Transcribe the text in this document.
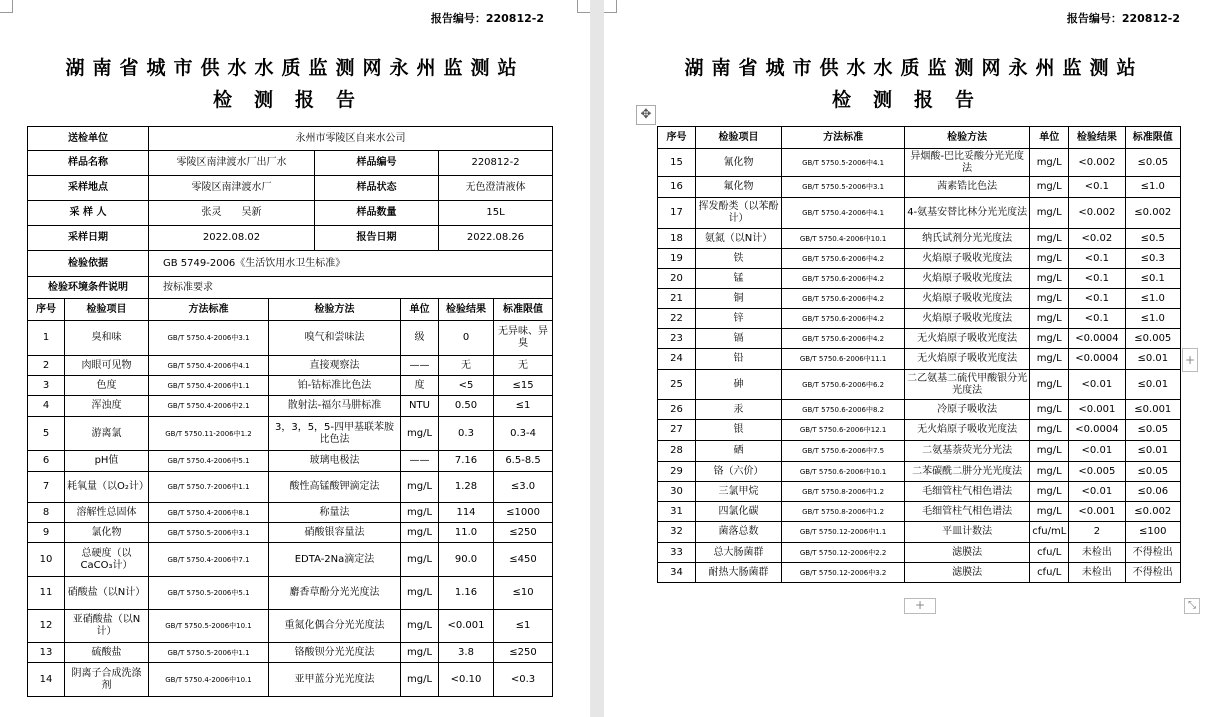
报告编号：220812-2
湖南省城市供水水质监测网永州监测站
检测报告
送检单位		永州市零陵区自来水公司					
样品名称		零陵区南津渡水厂出厂水		样品编号		220812-2	
采样地点		零陵区南津渡水厂		样品状态		无色澄清液体	
采 样 人		张灵　　吴新		样品数量		15L	
采样日期		2022.08.02		报告日期		2022.08.26	
检验依据		GB 5749-2006《生活饮用水卫生标准》					
检验环境条件说明		按标准要求					
序号	检验项目	方法标准	检验方法		单位	检验结果	标准限值
1	臭和味	GB/T 5750.4-2006中3.1	嗅气和尝味法		级	0	无异味、异臭
2	肉眼可见物	GB/T 5750.4-2006中4.1	直接观察法		——	无	无
3	色度	GB/T 5750.4-2006中1.1	铂-钴标准比色法		度	<5	≤15
4	浑浊度	GB/T 5750.4-2006中2.1	散射法-福尔马肼标准		NTU	0.50	≤1
5	游离氯	GB/T 5750.11-2006中1.2	3，3，5，5-四甲基联苯胺比色法		mg/L	0.3	0.3-4
6	pH值	GB/T 5750.4-2006中5.1	玻璃电极法		——	7.16	6.5-8.5
7	耗氧量（以O₂计）	GB/T 5750.7-2006中1.1	酸性高锰酸钾滴定法		mg/L	1.28	≤3.0
8	溶解性总固体	GB/T 5750.4-2006中8.1	称量法		mg/L	114	≤1000
9	氯化物	GB/T 5750.5-2006中3.1	硝酸银容量法		mg/L	11.0	≤250
10	总硬度（以CaCO₃计）	GB/T 5750.4-2006中7.1	EDTA-2Na滴定法		mg/L	90.0	≤450
11	硝酸盐（以N计）	GB/T 5750.5-2006中5.1	麝香草酚分光光度法		mg/L	1.16	≤10
12	亚硝酸盐（以N计）	GB/T 5750.5-2006中10.1	重氮化偶合分光光度法		mg/L	<0.001	≤1
13	硫酸盐	GB/T 5750.5-2006中1.1	铬酸钡分光光度法		mg/L	3.8	≤250
14	阴离子合成洗涤剂	GB/T 5750.4-2006中10.1	亚甲蓝分光光度法		mg/L	<0.10	<0.3
报告编号：220812-2
湖南省城市供水水质监测网永州监测站
检测报告
✥
序号	检验项目	方法标准	检验方法	单位	检验结果	标准限值
15	氰化物	GB/T 5750.5-2006中4.1	异烟酸-巴比妥酸分光光度法	mg/L	<0.002	≤0.05
16	氟化物	GB/T 5750.5-2006中3.1	茜素锆比色法	mg/L	<0.1	≤1.0
17	挥发酚类（以苯酚计）	GB/T 5750.4-2006中4.1	4-氨基安替比林分光光度法	mg/L	<0.002	≤0.002
18	氨氮（以N计）	GB/T 5750.4-2006中10.1	纳氏试剂分光光度法	mg/L	<0.02	≤0.5
19	铁	GB/T 5750.6-2006中4.2	火焰原子吸收光度法	mg/L	<0.1	≤0.3
20	锰	GB/T 5750.6-2006中4.2	火焰原子吸收光度法	mg/L	<0.1	≤0.1
21	铜	GB/T 5750.6-2006中4.2	火焰原子吸收光度法	mg/L	<0.1	≤1.0
22	锌	GB/T 5750.6-2006中4.2	火焰原子吸收光度法	mg/L	<0.1	≤1.0
23	镉	GB/T 5750.6-2006中4.2	无火焰原子吸收光度法	mg/L	<0.0004	≤0.005
24	铅	GB/T 5750.6-2006中11.1	无火焰原子吸收光度法	mg/L	<0.0004	≤0.01
25	砷	GB/T 5750.6-2006中6.2	二乙氨基二硫代甲酸银分光光度法	mg/L	<0.01	≤0.01
26	汞	GB/T 5750.6-2006中8.2	冷原子吸收法	mg/L	<0.001	≤0.001
27	银	GB/T 5750.6-2006中12.1	无火焰原子吸收光度法	mg/L	<0.0004	≤0.05
28	硒	GB/T 5750.6-2006中7.5	二氨基萘荧光分光法	mg/L	<0.01	≤0.01
29	铬（六价）	GB/T 5750.6-2006中10.1	二苯碳酰二肼分光光度法	mg/L	<0.005	≤0.05
30	三氯甲烷	GB/T 5750.8-2006中1.2	毛细管柱气相色谱法	mg/L	<0.01	≤0.06
31	四氯化碳	GB/T 5750.8-2006中1.2	毛细管柱气相色谱法	mg/L	<0.001	≤0.002
32	菌落总数	GB/T 5750.12-2006中1.1	平皿计数法	cfu/mL	2	≤100
33	总大肠菌群	GB/T 5750.12-2006中2.2	滤膜法	cfu/L	未检出	不得检出
34	耐热大肠菌群	GB/T 5750.12-2006中3.2	滤膜法	cfu/L	未检出	不得检出
+
+	⤡
